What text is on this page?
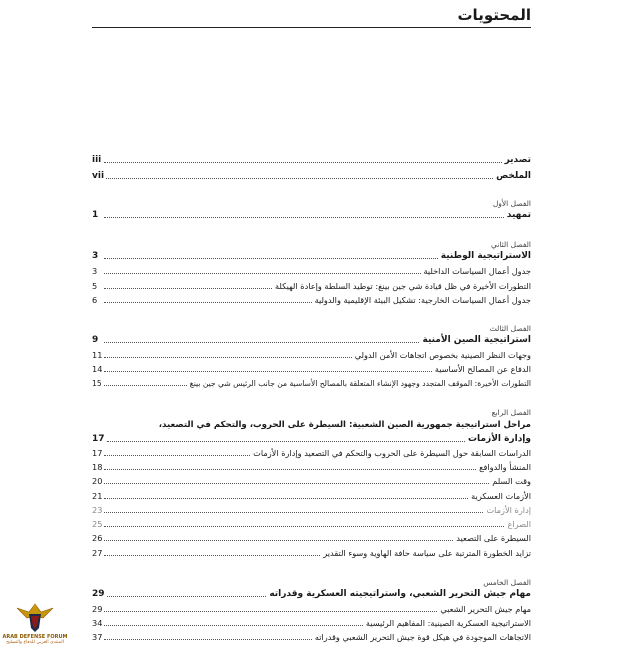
المحتويات
تصدير
iii
الملخص
vii
تمهيد
1
الاستراتيجية الوطنية
3
جدول أعمال السياسات الداخلية
3
التطورات الأخيرة في ظل قيادة شي جين بينغ: توطيد السلطة وإعادة الهيكلة
5
جدول أعمال السياسات الخارجية: تشكيل البيئة الإقليمية والدولية
6
استراتيجية الصين الأمنية
9
وجهات النظر الصينية بخصوص اتجاهات الأمن الدولي
11
الدفاع عن المصالح الأساسية
14
التطورات الأخيرة: الموقف المتجدد وجهود الإنشاء المتعلقة بالمصالح الأساسية من جانب الرئيس شي جين بينغ
15
مراحل استراتيجية جمهورية الصين الشعبية: السيطرة على الحروب، والتحكم في التصعيد،
وإدارة الأزمات
17
الدراسات السابقة حول السيطرة على الحروب والتحكم في التصعيد وإدارة الأزمات
17
المنشأ والدوافع
18
وقت السلم
20
الأزمات العسكرية
21
إدارة الأزمات
23
الصراع
25
السيطرة على التصعيد
26
تزايد الخطورة المترتبة على سياسة حافة الهاوية وسوء التقدير
27
مهام جيش التحرير الشعبي، واستراتيجيته العسكرية وقدراته
29
مهام جيش التحرير الشعبي
29
الاستراتيجية العسكرية الصينية: المفاهيم الرئيسية
34
الاتجاهات الموجودة في هيكل قوة جيش التحرير الشعبي وقدراته
37
الفصل الأول
الفصل الثاني
الفصل الثالث
الفصل الرابع
الفصل الخامس
ARAB DEFENSE FORUM
المنتدى العربي للدفاع والتسليح
